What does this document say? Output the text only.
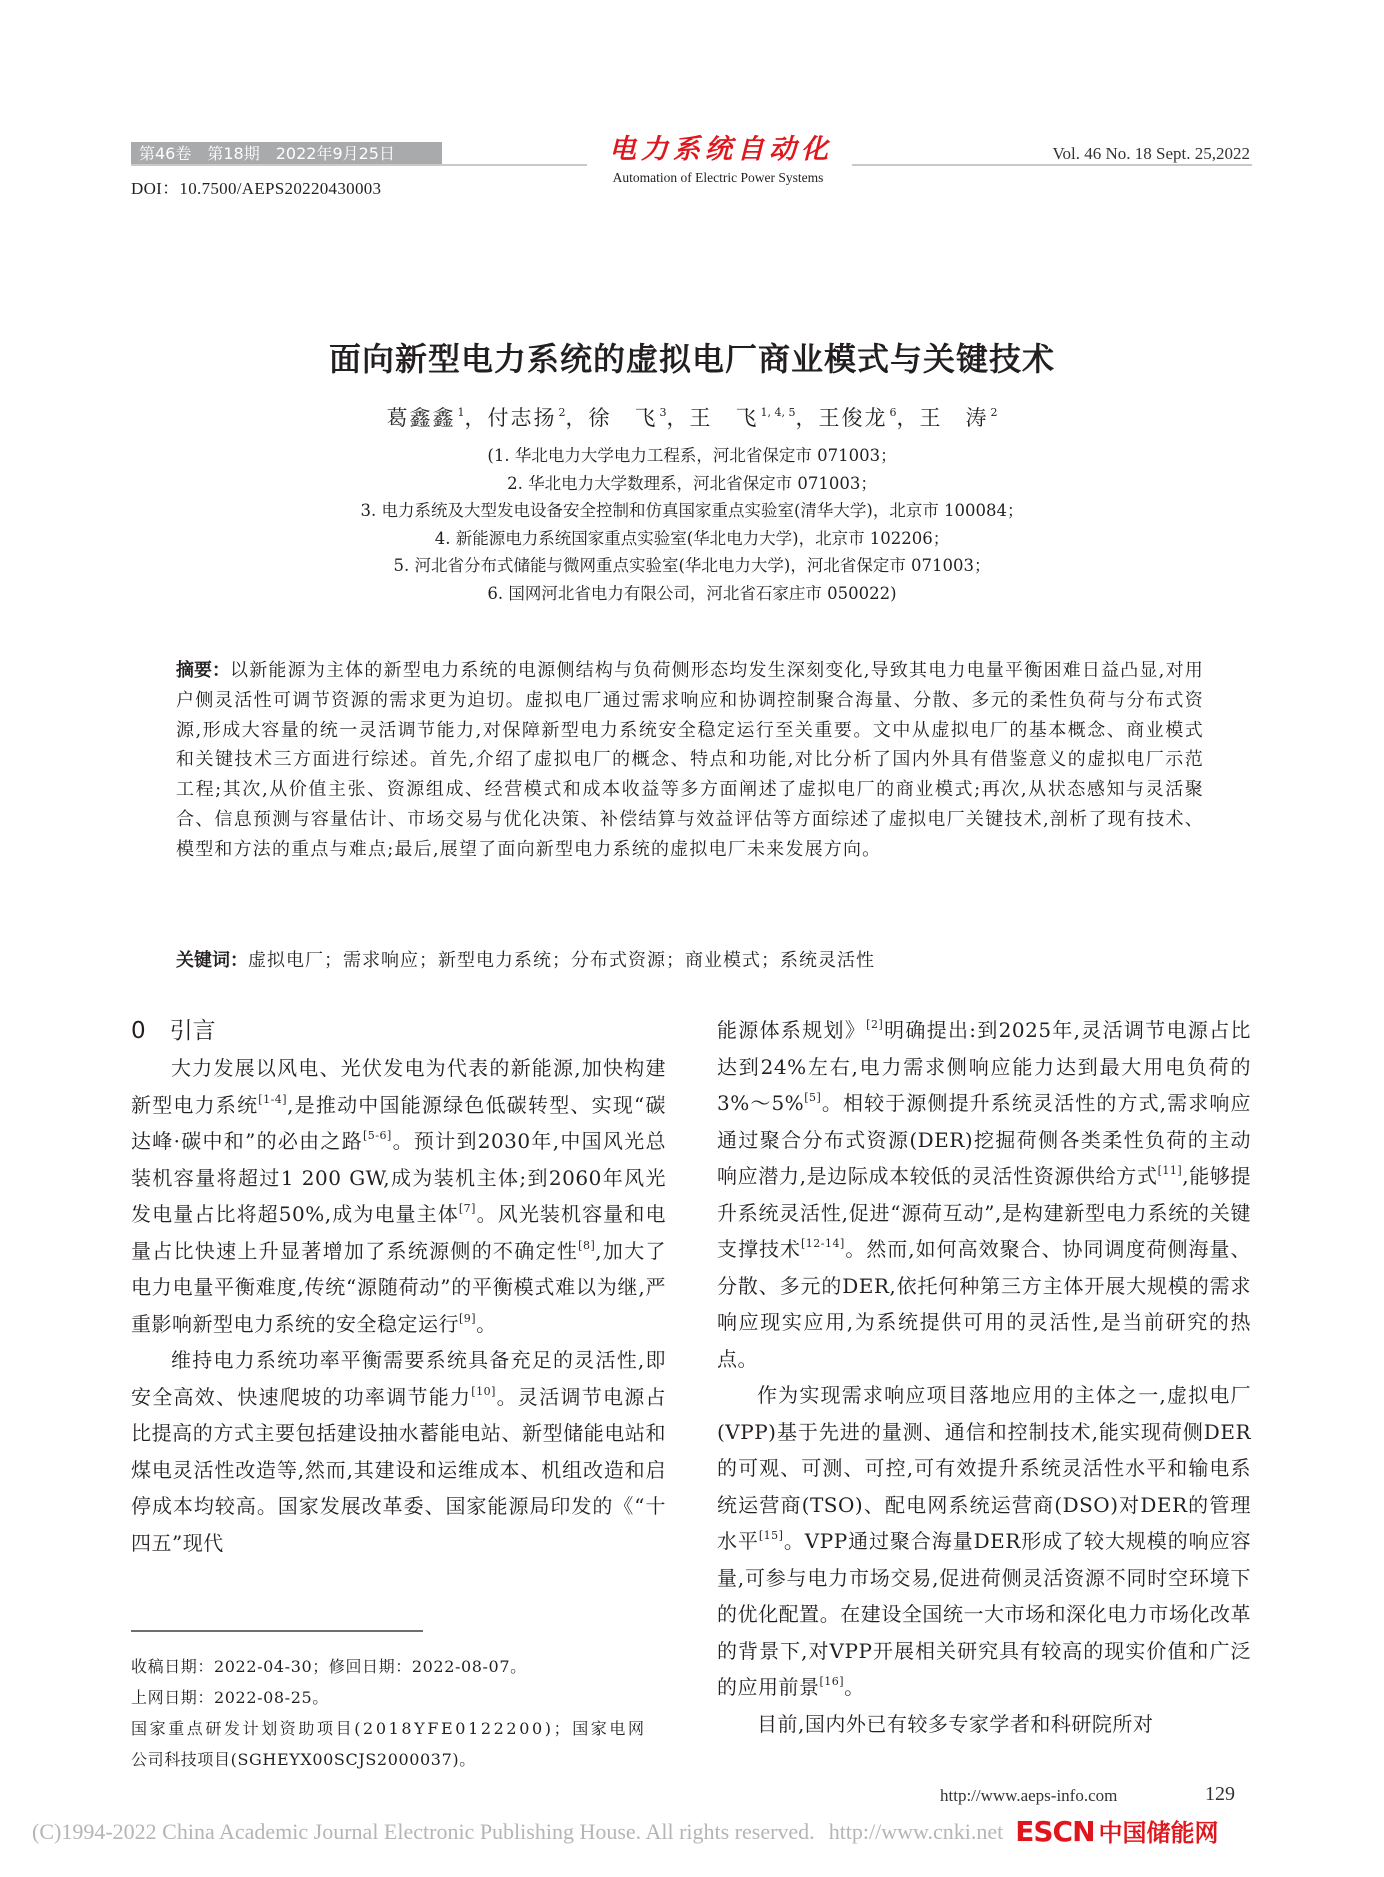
第46卷　第18期　2022年9月25日
DOI：10.7500/AEPS20220430003
电力系统自动化
Automation of Electric Power Systems
Vol. 46 No. 18 Sept. 25,2022
面向新型电力系统的虚拟电厂商业模式与关键技术
葛鑫鑫 $^1$，付志扬 $^2$，徐　飞 $^3$，王　飞 $^{1, 4, 5}$，王俊龙 $^6$，王　涛 $^2$
(1. 华北电力大学电力工程系，河北省保定市 071003；
2. 华北电力大学数理系，河北省保定市 071003；
3. 电力系统及大型发电设备安全控制和仿真国家重点实验室(清华大学)，北京市 100084；
4. 新能源电力系统国家重点实验室(华北电力大学)，北京市 102206；
5. 河北省分布式储能与微网重点实验室(华北电力大学)，河北省保定市 071003；
6. 国网河北省电力有限公司，河北省石家庄市 050022)
摘要：以新能源为主体的新型电力系统的电源侧结构与负荷侧形态均发生深刻变化,导致其电力电量平衡困难日益凸显,对用户侧灵活性可调节资源的需求更为迫切。虚拟电厂通过需求响应和协调控制聚合海量、分散、多元的柔性负荷与分布式资源,形成大容量的统一灵活调节能力,对保障新型电力系统安全稳定运行至关重要。文中从虚拟电厂的基本概念、商业模式和关键技术三方面进行综述。首先,介绍了虚拟电厂的概念、特点和功能,对比分析了国内外具有借鉴意义的虚拟电厂示范工程;其次,从价值主张、资源组成、经营模式和成本收益等多方面阐述了虚拟电厂的商业模式;再次,从状态感知与灵活聚合、信息预测与容量估计、市场交易与优化决策、补偿结算与效益评估等方面综述了虚拟电厂关键技术,剖析了现有技术、模型和方法的重点与难点;最后,展望了面向新型电力系统的虚拟电厂未来发展方向。
关键词：虚拟电厂；需求响应；新型电力系统；分布式资源；商业模式；系统灵活性
0 引言

大力发展以风电、光伏发电为代表的新能源,加快构建新型电力系统[1-4],是推动中国能源绿色低碳转型、实现“碳达峰·碳中和”的必由之路[5-6]。预计到2030年,中国风光总装机容量将超过1 200 GW,成为装机主体;到2060年风光发电量占比将超50%,成为电量主体[7]。风光装机容量和电量占比快速上升显著增加了系统源侧的不确定性[8],加大了电力电量平衡难度,传统“源随荷动”的平衡模式难以为继,严重影响新型电力系统的安全稳定运行[9]。

维持电力系统功率平衡需要系统具备充足的灵活性,即安全高效、快速爬坡的功率调节能力[10]。灵活调节电源占比提高的方式主要包括建设抽水蓄能电站、新型储能电站和煤电灵活性改造等,然而,其建设和运维成本、机组改造和启停成本均较高。国家发展改革委、国家能源局印发的《“十四五”现代

收稿日期：2022-04-30；修回日期：2022-08-07。

上网日期：2022-08-25。

国家重点研发计划资助项目(2018YFE0122200)；国家电网

公司科技项目(SGHEYX00SCJS2000037)。

能源体系规划》[2]明确提出:到2025年,灵活调节电源占比达到24%左右,电力需求侧响应能力达到最大用电负荷的3%～5%[5]。相较于源侧提升系统灵活性的方式,需求响应通过聚合分布式资源(DER)挖掘荷侧各类柔性负荷的主动响应潜力,是边际成本较低的灵活性资源供给方式[11],能够提升系统灵活性,促进“源荷互动”,是构建新型电力系统的关键支撑技术[12-14]。然而,如何高效聚合、协同调度荷侧海量、分散、多元的DER,依托何种第三方主体开展大规模的需求响应现实应用,为系统提供可用的灵活性,是当前研究的热点。

作为实现需求响应项目落地应用的主体之一,虚拟电厂(VPP)基于先进的量测、通信和控制技术,能实现荷侧DER的可观、可测、可控,可有效提升系统灵活性水平和输电系统运营商(TSO)、配电网系统运营商(DSO)对DER的管理水平[15]。VPP通过聚合海量DER形成了较大规模的响应容量,可参与电力市场交易,促进荷侧灵活资源不同时空环境下的优化配置。在建设全国统一大市场和深化电力市场化改革的背景下,对VPP开展相关研究具有较高的现实价值和广泛的应用前景[16]。

目前,国内外已有较多专家学者和科研院所对

http://www.aeps-info.com	129
(C)1994-2022 China Academic Journal Electronic Publishing House. All rights reserved. http://www.cnki.net ESCN 中国储能网
